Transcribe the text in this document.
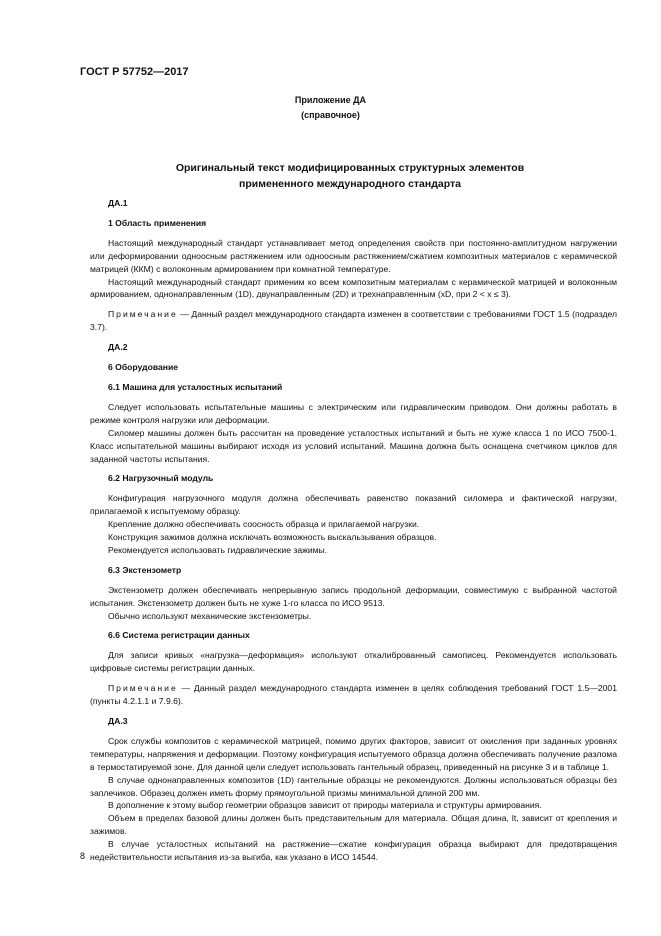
ГОСТ Р 57752—2017
Приложение ДА
(справочное)
Оригинальный текст модифицированных структурных элементов
примененного международного стандарта

ДА.1

1 Область применения

Настоящий международный стандарт устанавливает метод определения свойств при постоянно-амплитудном нагружении или деформировании одноосным растяжением или одноосным растяжением/сжатием композитных материалов с керамической матрицей (ККМ) с волоконным армированием при комнатной температуре.

Настоящий международный стандарт применим ко всем композитным материалам с керамической матрицей и волоконным армированием, однонаправленным (1D), двунаправленным (2D) и трехнаправленным (xD, при 2 < x ≤ 3).

Примечание — Данный раздел международного стандарта изменен в соответствии с требованиями ГОСТ 1.5 (подраздел 3.7).

ДА.2

6 Оборудование

6.1 Машина для усталостных испытаний

Следует использовать испытательные машины с электрическим или гидравлическим приводом. Они должны работать в режиме контроля нагрузки или деформации.

Силомер машины должен быть рассчитан на проведение усталостных испытаний и быть не хуже класса 1 по ИСО 7500-1. Класс испытательной машины выбирают исходя из условий испытаний. Машина должна быть оснащена счетчиком циклов для заданной частоты испытания.

6.2 Нагрузочный модуль

Конфигурация нагрузочного модуля должна обеспечивать равенство показаний силомера и фактической нагрузки, прилагаемой к испытуемому образцу.

Крепление должно обеспечивать соосность образца и прилагаемой нагрузки.

Конструкция зажимов должна исключать возможность выскальзывания образцов.

Рекомендуется использовать гидравлические зажимы.

6.3 Экстензометр

Экстензометр должен обеспечивать непрерывную запись продольной деформации, совместимую с выбранной частотой испытания. Экстензометр должен быть не хуже 1-го класса по ИСО 9513.

Обычно используют механические экстензометры.

6.6 Система регистрации данных

Для записи кривых «нагрузка—деформация» используют откалиброванный самописец. Рекомендуется использовать цифровые системы регистрации данных.

Примечание — Данный раздел международного стандарта изменен в целях соблюдения требований ГОСТ 1.5—2001 (пункты 4.2.1.1 и 7.9.6).

ДА.3

Срок службы композитов с керамической матрицей, помимо других факторов, зависит от окисления при заданных уровнях температуры, напряжения и деформации. Поэтому конфигурация испытуемого образца должна обеспечивать получение разлома в термостатируемой зоне. Для данной цели следует использовать гантельный образец, приведенный на рисунке 3 и в таблице 1.

В случае однонаправленных композитов (1D) гантельные образцы не рекомендуются. Должны использоваться образцы без заплечиков. Образец должен иметь форму прямоугольной призмы минимальной длиной 200 мм.

В дополнение к этому выбор геометрии образцов зависит от природы материала и структуры армирования.

Объем в пределах базовой длины должен быть представительным для материала. Общая длина, lt, зависит от крепления и зажимов.

В случае усталостных испытаний на растяжение—сжатие конфигурация образца выбирают для предотвращения недействительности испытания из-за выгиба, как указано в ИСО 14544.

8
